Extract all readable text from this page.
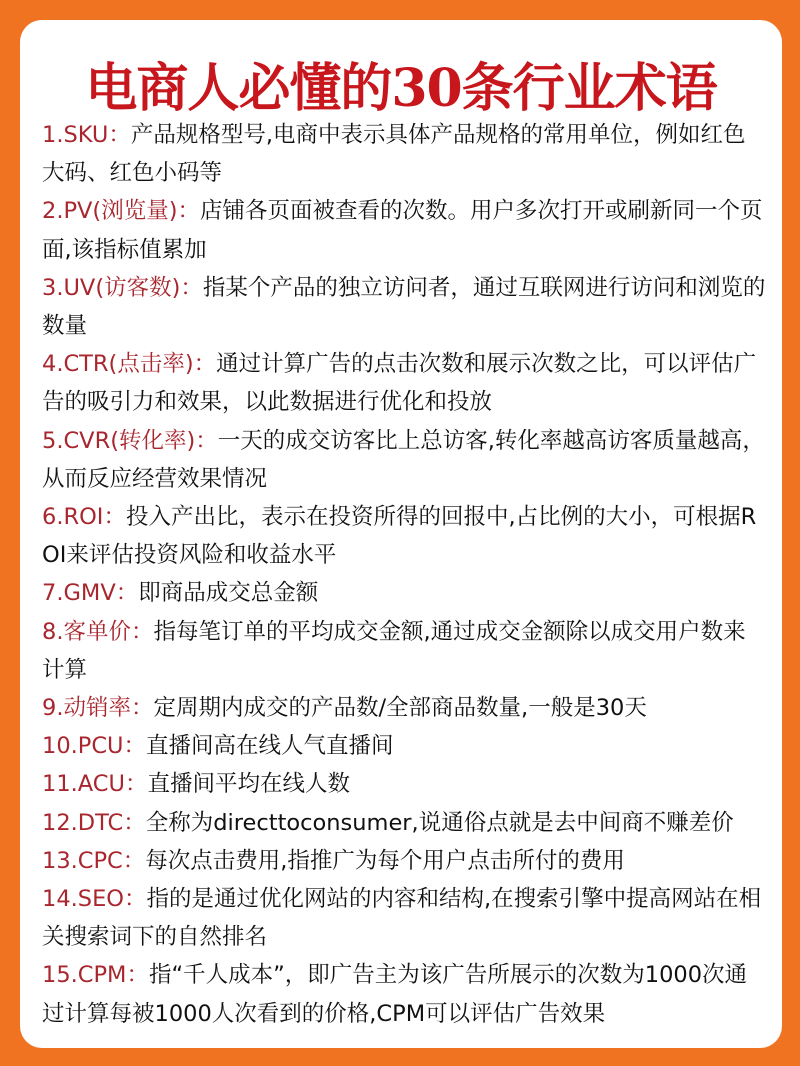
电商人必懂的30条行业术语

1.SKU：产品规格型号,电商中表示具体产品规格的常用单位，例如红色大码、红色小码等

2.PV(浏览量)：店铺各页面被查看的次数。用户多次打开或刷新同一个页面,该指标值累加

3.UV(访客数)：指某个产品的独立访问者，通过互联网进行访问和浏览的数量

4.CTR(点击率)：通过计算广告的点击次数和展示次数之比，可以评估广告的吸引力和效果，以此数据进行优化和投放

5.CVR(转化率)：一天的成交访客比上总访客,转化率越高访客质量越高，从而反应经营效果情况

6.ROI：投入产出比，表示在投资所得的回报中,占比例的大小，可根据ROI来评估投资风险和收益水平

7.GMV：即商品成交总金额

8.客单价：指每笔订单的平均成交金额,通过成交金额除以成交用户数来计算

9.动销率：定周期内成交的产品数/全部商品数量,一般是30天

10.PCU：直播间高在线人气直播间

11.ACU：直播间平均在线人数

12.DTC：全称为directtoconsumer,说通俗点就是去中间商不赚差价

13.CPC：每次点击费用,指推广为每个用户点击所付的费用

14.SEO：指的是通过优化网站的内容和结构,在搜索引擎中提高网站在相关搜索词下的自然排名

15.CPM：指“千人成本”，即广告主为该广告所展示的次数为1000次通过计算每被1000人次看到的价格,CPM可以评估广告效果
